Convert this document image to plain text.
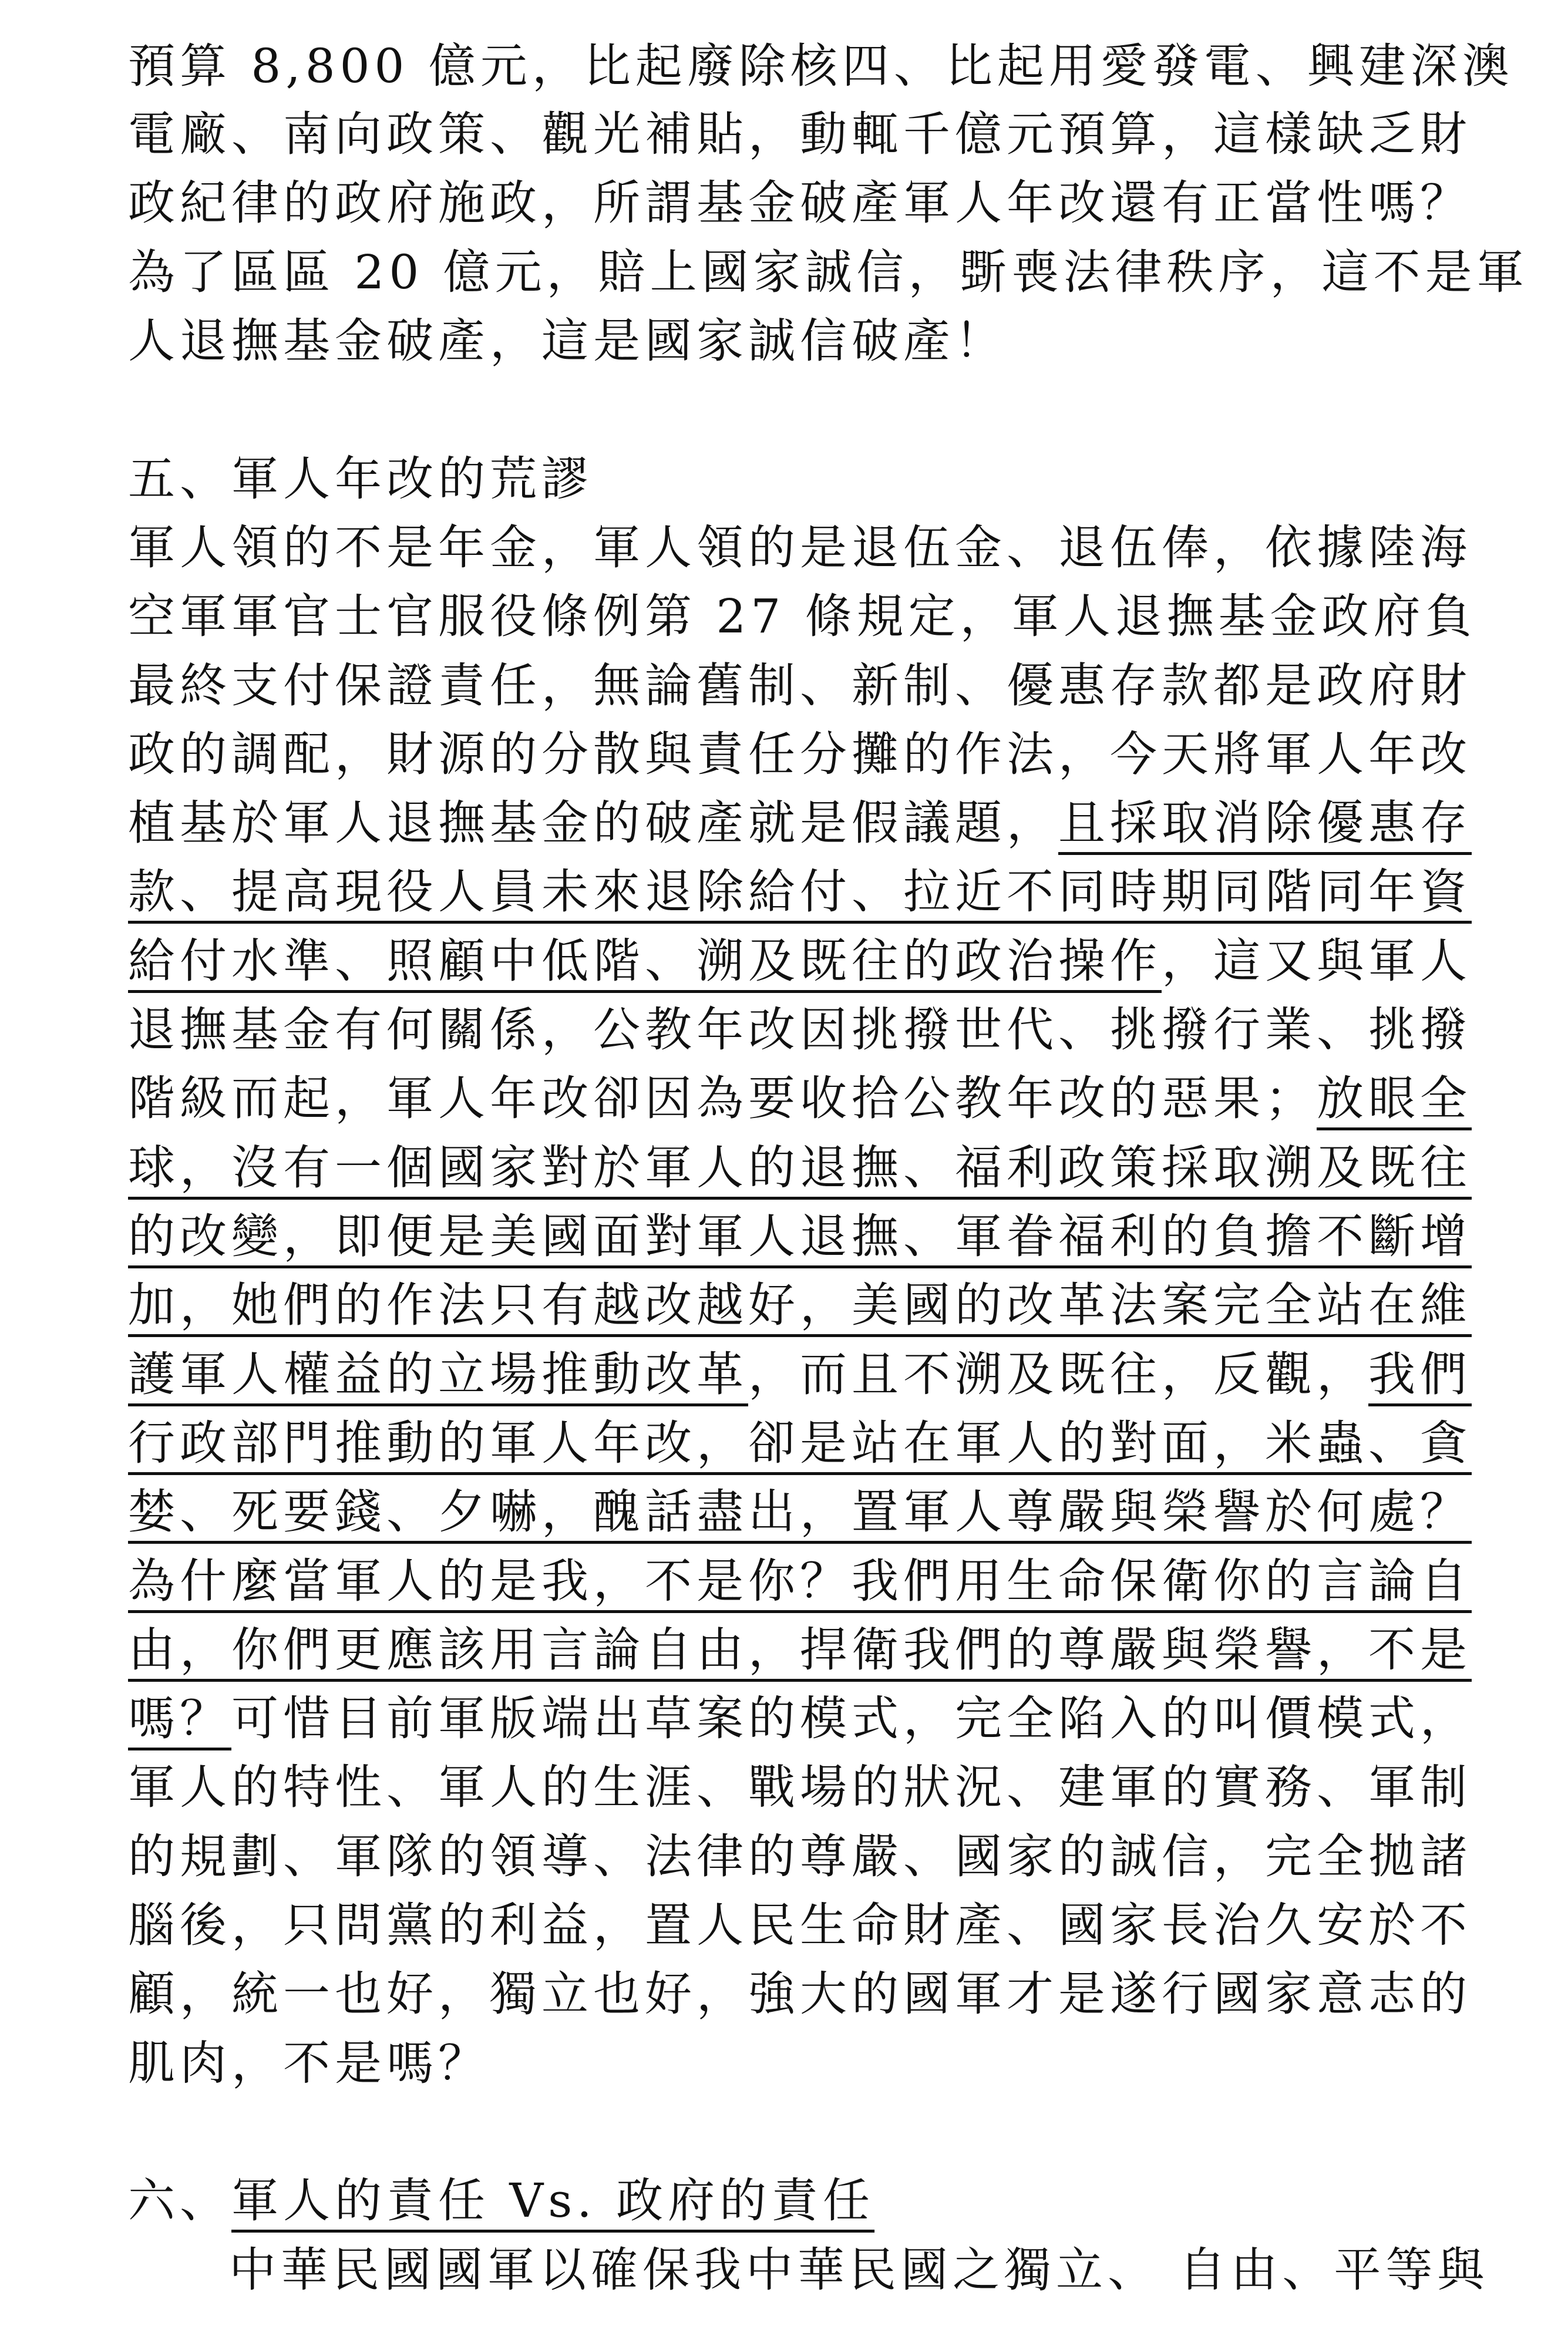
預算 8,800 億元，比起廢除核四、比起用愛發電、興建深澳
電廠、南向政策、觀光補貼，動輒千億元預算，這樣缺乏財
政紀律的政府施政，所謂基金破產軍人年改還有正當性嗎？
為了區區 20 億元，賠上國家誠信，斲喪法律秩序，這不是軍
人退撫基金破產，這是國家誠信破產！
五、軍人年改的荒謬
軍人領的不是年金，軍人領的是退伍金、退伍俸，依據陸海
空軍軍官士官服役條例第 27 條規定，軍人退撫基金政府負
最終支付保證責任，無論舊制、新制、優惠存款都是政府財
政的調配，財源的分散與責任分攤的作法，今天將軍人年改
植基於軍人退撫基金的破產就是假議題，且採取消除優惠存
款、提高現役人員未來退除給付、拉近不同時期同階同年資
給付水準、照顧中低階、溯及既往的政治操作，這又與軍人
退撫基金有何關係，公教年改因挑撥世代、挑撥行業、挑撥
階級而起，軍人年改卻因為要收拾公教年改的惡果；放眼全
球，沒有一個國家對於軍人的退撫、福利政策採取溯及既往
的改變，即便是美國面對軍人退撫、軍眷福利的負擔不斷增
加，她們的作法只有越改越好，美國的改革法案完全站在維
護軍人權益的立場推動改革，而且不溯及既往，反觀，我們
行政部門推動的軍人年改，卻是站在軍人的對面，米蟲、貪
婪、死要錢、夕嚇，醜話盡出，置軍人尊嚴與榮譽於何處？
為什麼當軍人的是我，不是你？我們用生命保衛你的言論自
由，你們更應該用言論自由，捍衛我們的尊嚴與榮譽，不是
嗎？可惜目前軍版端出草案的模式，完全陷入的叫價模式，
軍人的特性、軍人的生涯、戰場的狀況、建軍的實務、軍制
的規劃、軍隊的領導、法律的尊嚴、國家的誠信，完全拋諸
腦後，只問黨的利益，置人民生命財產、國家長治久安於不
顧，統一也好，獨立也好，強大的國軍才是遂行國家意志的
肌肉，不是嗎？
六、軍人的責任 Vs. 政府的責任
中華民國國軍以確保我中華民國之獨立、 自由、平等與
